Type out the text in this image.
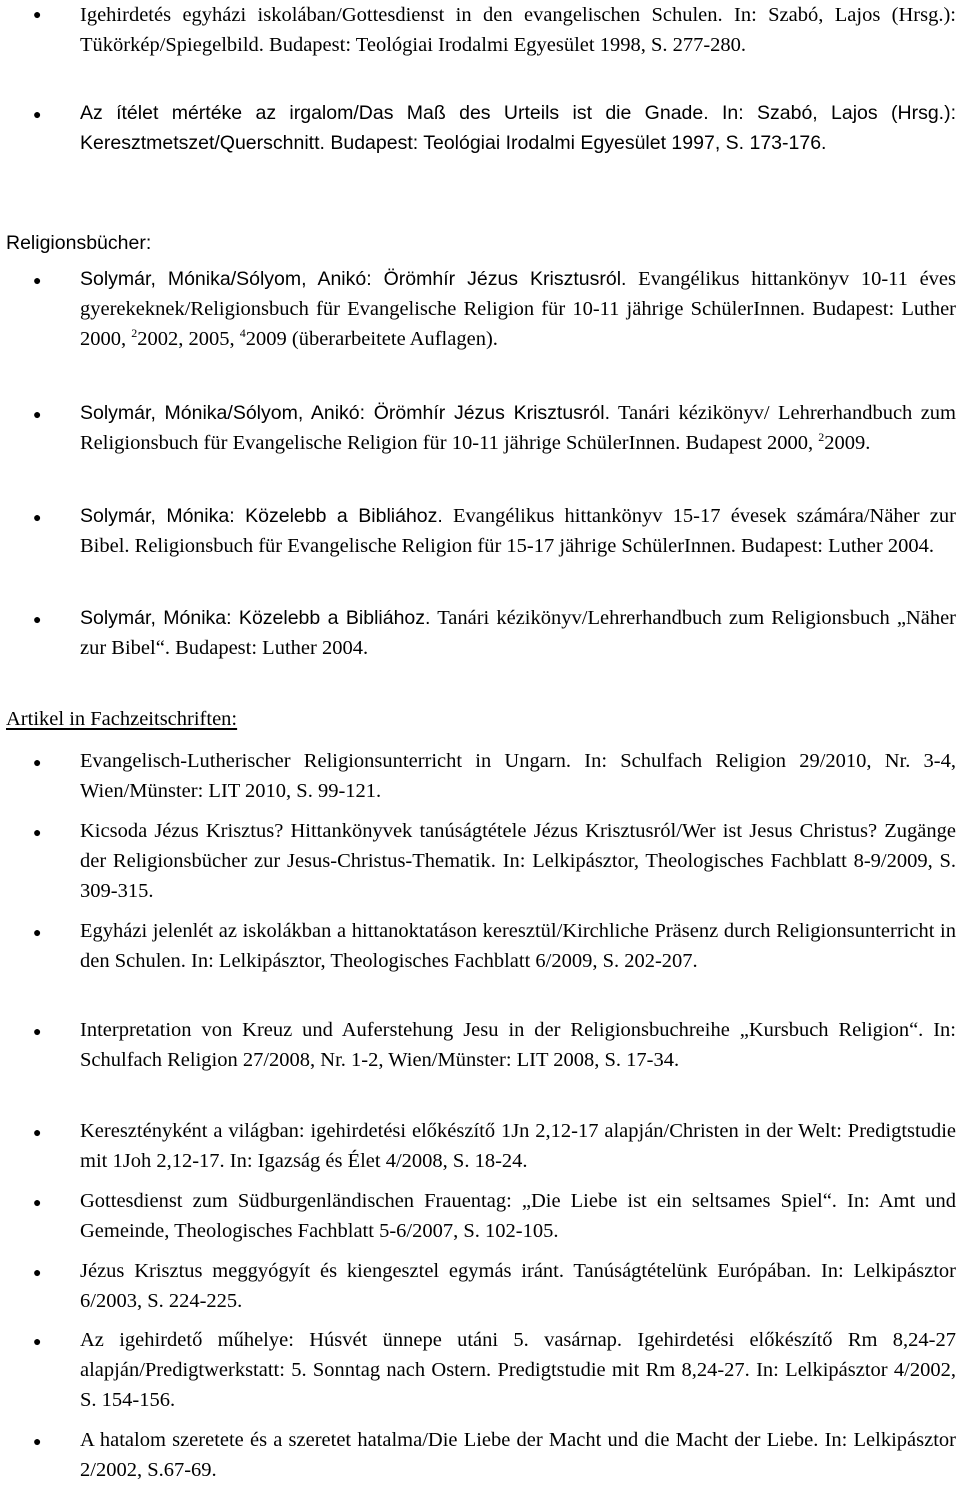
● Igehirdetés egyházi iskolában/Gottesdienst in den evangelischen Schulen. In: Szabó, Lajos (Hrsg.): Tükörkép/Spiegelbild. Budapest: Teológiai Irodalmi Egyesület 1998, S. 277-280.
● Az ítélet mértéke az irgalom/Das Maß des Urteils ist die Gnade. In: Szabó, Lajos (Hrsg.): Keresztmetszet/Querschnitt. Budapest: Teológiai Irodalmi Egyesület 1997, S. 173-176.
Religionsbücher:
● Solymár, Mónika/Sólyom, Anikó: Örömhír Jézus Krisztusról. Evangélikus hittankönyv 10-11 éves gyerekeknek/Religionsbuch für Evangelische Religion für 10-11 jährige SchülerInnen. Budapest: Luther 2000, $^2$2002, 2005, $^4$2009 (überarbeitete Auflagen).
● Solymár, Mónika/Sólyom, Anikó: Örömhír Jézus Krisztusról. Tanári kézikönyv/ Lehrerhandbuch zum Religionsbuch für Evangelische Religion für 10-11 jährige SchülerInnen. Budapest 2000, $^2$2009.
● Solymár, Mónika: Közelebb a Bibliához. Evangélikus hittankönyv 15-17 évesek számára/Näher zur Bibel. Religionsbuch für Evangelische Religion für 15-17 jährige SchülerInnen. Budapest: Luther 2004.
● Solymár, Mónika: Közelebb a Bibliához. Tanári kézikönyv/Lehrerhandbuch zum Religionsbuch „Näher zur Bibel“. Budapest: Luther 2004.
Artikel in Fachzeitschriften:
● Evangelisch-Lutherischer Religionsunterricht in Ungarn. In: Schulfach Religion 29/2010, Nr. 3-4, Wien/Münster: LIT 2010, S. 99-121.
● Kicsoda Jézus Krisztus? Hittankönyvek tanúságtétele Jézus Krisztusról/Wer ist Jesus Christus? Zugänge der Religionsbücher zur Jesus-Christus-Thematik. In: Lelkipásztor, Theologisches Fachblatt 8-9/2009, S. 309-315.
● Egyházi jelenlét az iskolákban a hittanoktatáson keresztül/Kirchliche Präsenz durch Religionsunterricht in den Schulen. In: Lelkipásztor, Theologisches Fachblatt 6/2009, S. 202-207.
● Interpretation von Kreuz und Auferstehung Jesu in der Religionsbuchreihe „Kursbuch Religion“. In: Schulfach Religion 27/2008, Nr. 1-2, Wien/Münster: LIT 2008, S. 17-34.
● Keresztényként a világban: igehirdetési előkészítő 1Jn 2,12-17 alapján/Christen in der Welt: Predigtstudie mit 1Joh 2,12-17. In: Igazság és Élet 4/2008, S. 18-24.
● Gottesdienst zum Südburgenländischen Frauentag: „Die Liebe ist ein seltsames Spiel“. In: Amt und Gemeinde, Theologisches Fachblatt 5-6/2007, S. 102-105.
● Jézus Krisztus meggyógyít és kiengesztel egymás iránt. Tanúságtételünk Európában. In: Lelkipásztor 6/2003, S. 224-225.
● Az igehirdető műhelye: Húsvét ünnepe utáni 5. vasárnap. Igehirdetési előkészítő Rm 8,24-27 alapján/Predigtwerkstatt: 5. Sonntag nach Ostern. Predigtstudie mit Rm 8,24-27. In: Lelkipásztor 4/2002, S. 154-156.
● A hatalom szeretete és a szeretet hatalma/Die Liebe der Macht und die Macht der Liebe. In: Lelkipásztor 2/2002, S.67-69.
